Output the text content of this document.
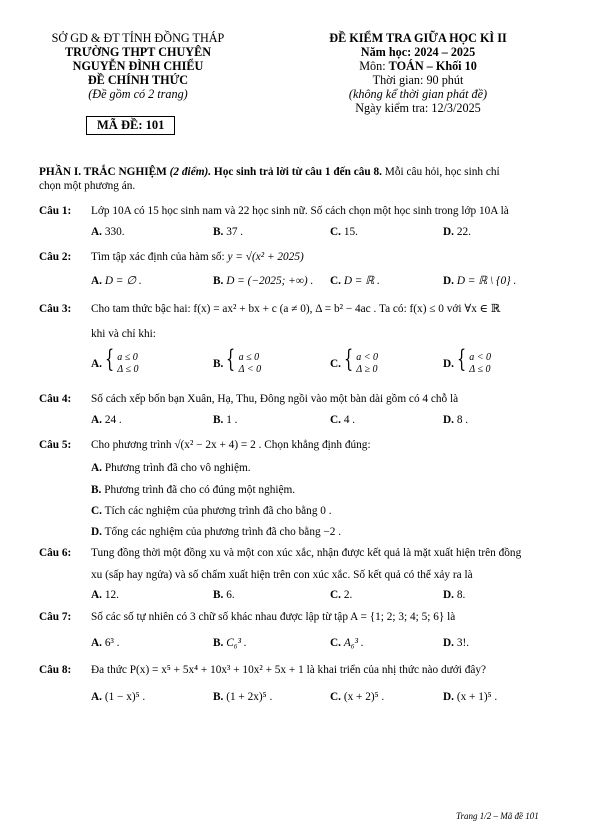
SỞ GD & ĐT TỈNH ĐỒNG THÁP
TRƯỜNG THPT CHUYÊN
NGUYỄN ĐÌNH CHIỂU
ĐỀ CHÍNH THỨC
(Đề gồm có 2 trang)
MÃ ĐỀ: 101
ĐỀ KIỂM TRA GIỮA HỌC KÌ II
Năm học: 2024 – 2025
Môn: TOÁN – Khối 10
Thời gian: 90 phút
(không kể thời gian phát đề)
Ngày kiểm tra: 12/3/2025
PHẦN I. TRẮC NGHIỆM (2 điểm). Học sinh trả lời từ câu 1 đến câu 8. Mỗi câu hỏi, học sinh chỉ
chọn một phương án.
Câu 1: Lớp 10A có 15 học sinh nam và 22 học sinh nữ. Số cách chọn một học sinh trong lớp 10A là
A. 330.	B. 37 .	C. 15.	D. 22.
Câu 2: Tìm tập xác định của hàm số: y = √(x² + 2025)
A. D = ∅ .	B. D = (−2025; +∞) . C. D = ℝ .	D. D = ℝ \ {0} .
Câu 3: Cho tam thức bậc hai: f(x) = ax² + bx + c (a ≠ 0), Δ = b² − 4ac . Ta có: f(x) ≤ 0 với ∀x ∈ ℝ
khi và chỉ khi:
A. { a ≤ 0
Δ ≤ 0	B. { a ≤ 0
Δ < 0	C. { a < 0
Δ ≥ 0	D. { a < 0
Δ ≤ 0
Câu 4: Số cách xếp bốn bạn Xuân, Hạ, Thu, Đông ngồi vào một bàn dài gồm có 4 chỗ là
A. 24 .	B. 1 .	C. 4 .	D. 8 .
Câu 5: Cho phương trình √(x² − 2x + 4) = 2 . Chọn khẳng định đúng:
A. Phương trình đã cho vô nghiệm.
B. Phương trình đã cho có đúng một nghiệm.
C. Tích các nghiệm của phương trình đã cho bằng 0 .
D. Tổng các nghiệm của phương trình đã cho bằng −2 .
Câu 6: Tung đồng thời một đồng xu và một con xúc xắc, nhận được kết quả là mặt xuất hiện trên đồng
xu (sấp hay ngửa) và số chấm xuất hiện trên con xúc xắc. Số kết quả có thể xảy ra là
A. 12.	B. 6.	C. 2.	D. 8.
Câu 7: Số các số tự nhiên có 3 chữ số khác nhau được lập từ tập A = {1; 2; 3; 4; 5; 6} là
A. 6³ .	B. C₆³ .	C. A₆³ .	D. 3!.
Câu 8: Đa thức P(x) = x⁵ + 5x⁴ + 10x³ + 10x² + 5x + 1 là khai triển của nhị thức nào dưới đây?
A. (1 − x)⁵ .	B. (1 + 2x)⁵ .	C. (x + 2)⁵ .	D. (x + 1)⁵ .
Trang 1/2 – Mã đề 101
